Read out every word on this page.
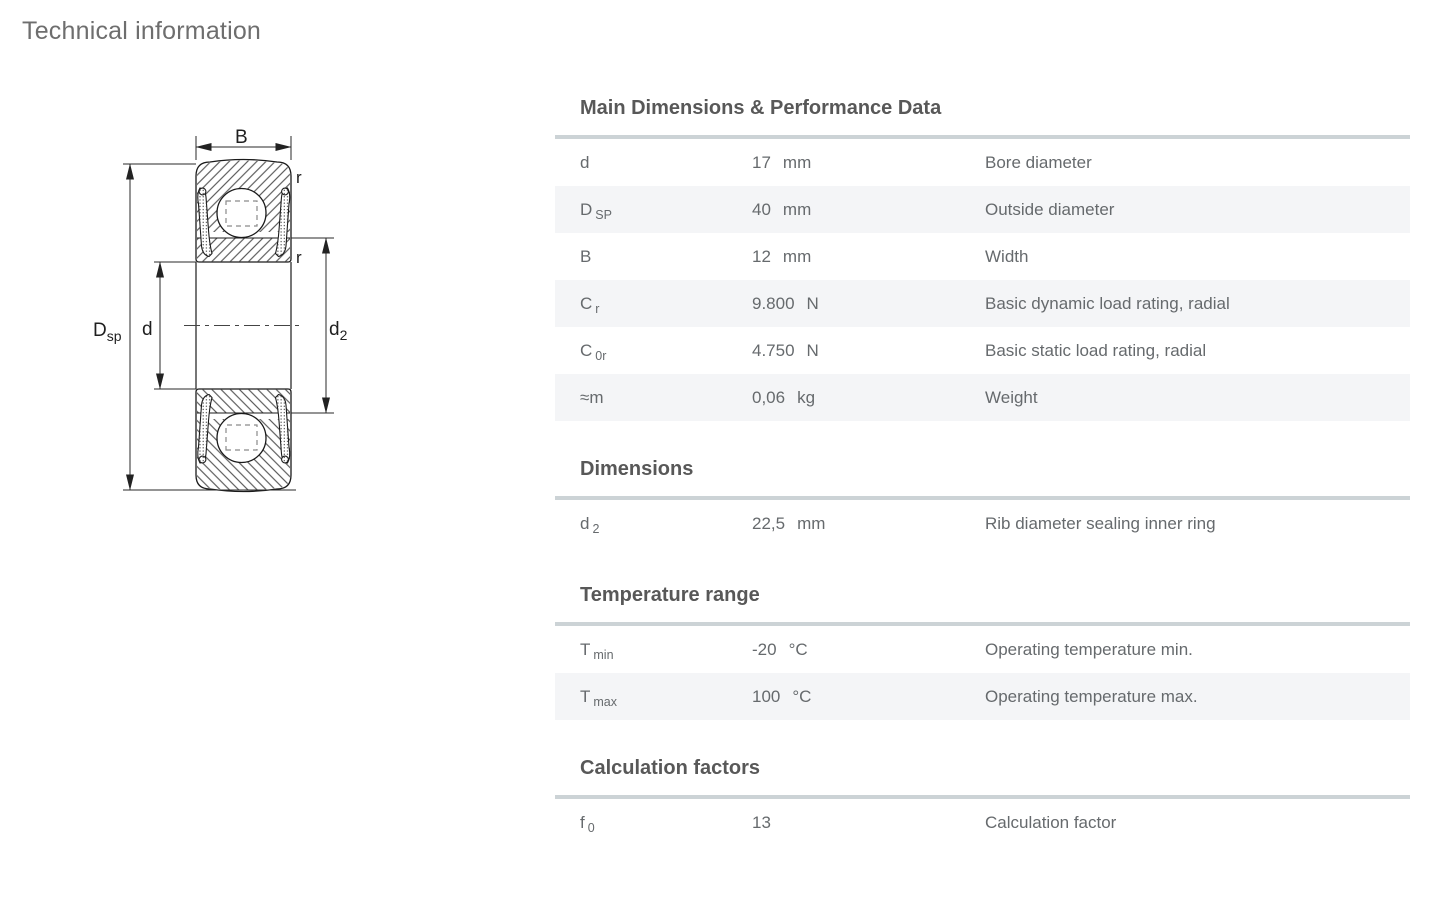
Technical information
B
r
r
$D_{sp}$ d	$d_2$
Main Dimensions & Performance Data
d	17 mm	Bore diameter
D $_{SP}$	40 mm	Outside diameter
B	12 mm	Width
C $_r$	9.800 N	Basic dynamic load rating, radial
C $_{0r}$	4.750 N	Basic static load rating, radial
≈m	0,06 kg	Weight
Dimensions
d $_2$	22,5 mm	Rib diameter sealing inner ring
Temperature range
T $_{min}$	-20 °C	Operating temperature min.
T $_{max}$	100 °C	Operating temperature max.
Calculation factors
f $_0$	13	Calculation factor
